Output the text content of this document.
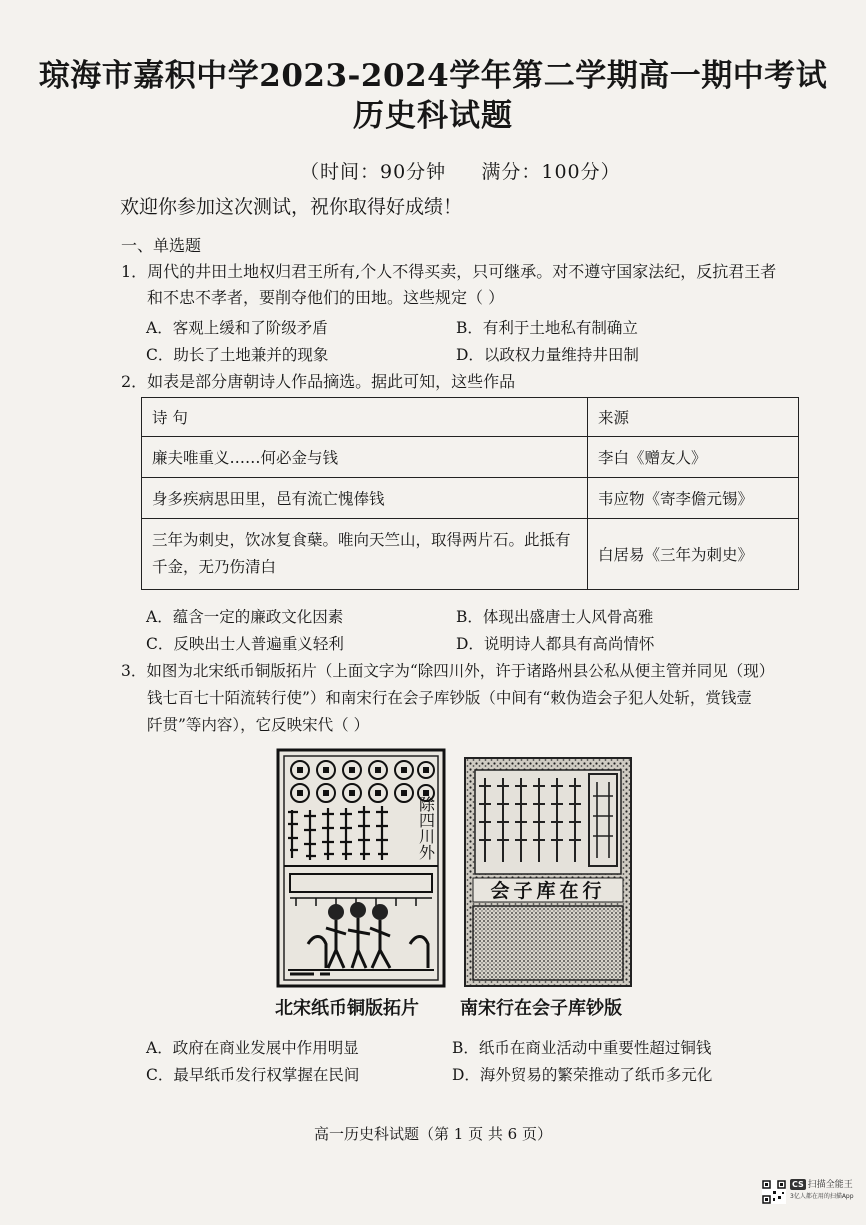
琼海市嘉积中学2023-2024学年第二学期高一期中考试
历史科试题
（时间：90分钟     满分：100分）
欢迎你参加这次测试，祝你取得好成绩！
一、单选题
1．周代的井田土地权归君王所有,个人不得买卖，只可继承。对不遵守国家法纪，反抗君王者
和不忠不孝者，要削夺他们的田地。这些规定（ ）
A．客观上缓和了阶级矛盾	B．有利于土地私有制确立
C．助长了土地兼并的现象	D．以政权力量维持井田制
2．如表是部分唐朝诗人作品摘选。据此可知，这些作品
诗 句	来源
廉夫唯重义……何必金与钱	李白《赠友人》
身多疾病思田里，邑有流亡愧俸钱	韦应物《寄李儋元锡》
三年为刺史，饮冰复食蘖。唯向天竺山，取得两片石。此抵有千金，无乃伤清白	白居易《三年为刺史》
A．蕴含一定的廉政文化因素	B．体现出盛唐士人风骨高雅
C．反映出士人普遍重义轻利	D．说明诗人都具有高尚情怀
3．如图为北宋纸币铜版拓片（上面文字为“除四川外，许于诸路州县公私从便主管并同见（现）
钱七百七十陌流转行使”）和南宋行在会子库钞版（中间有“敕伪造会子犯人处斩，赏钱壹
阡贯”等内容），它反映宋代（ ）
除四川外
会子库在行
北宋纸币铜版拓片 南宋行在会子库钞版
A．政府在商业发展中作用明显	B．纸币在商业活动中重要性超过铜钱
C．最早纸币发行权掌握在民间	D．海外贸易的繁荣推动了纸币多元化
高一历史科试题（第 1 页 共 6 页）
CS 扫描全能王
3亿人都在用的扫描App
